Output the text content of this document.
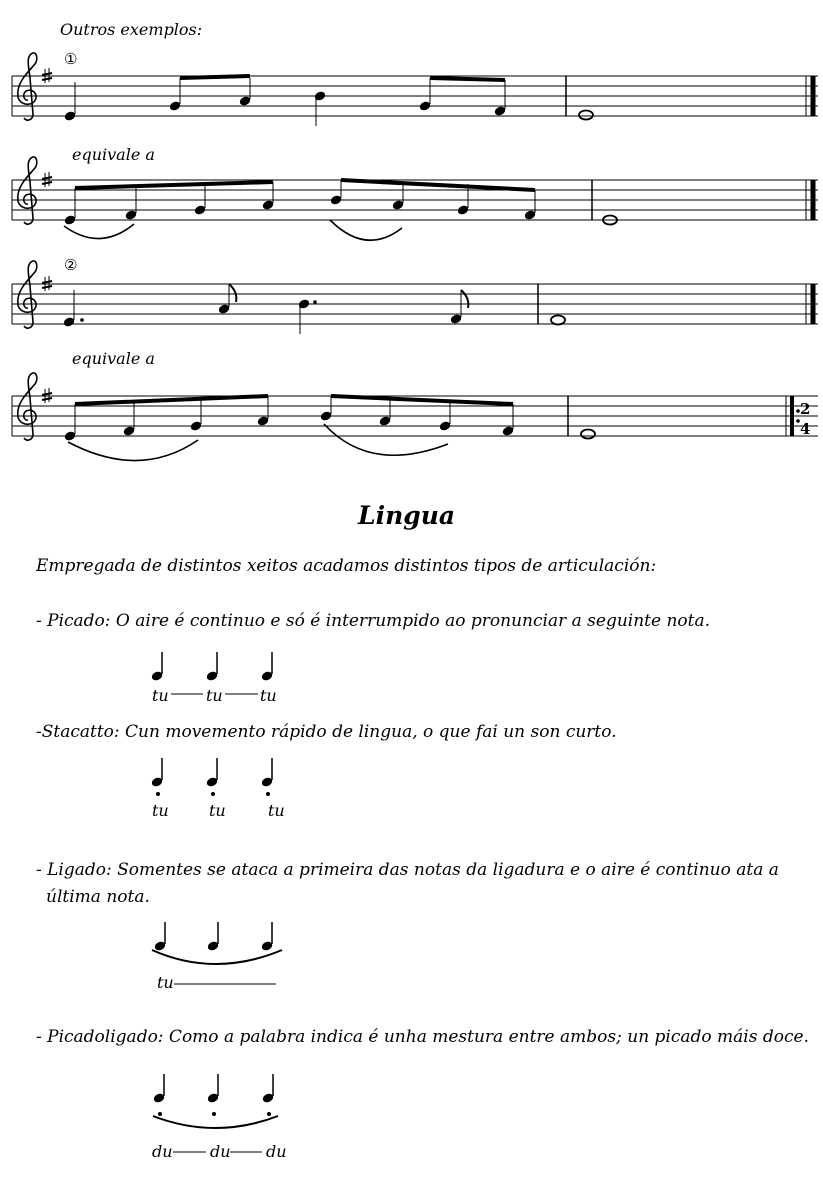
Outros exemplos:
equivale a
equivale a
Lingua
Empregada de distintos xeitos acadamos distintos tipos de articulación:
- Picado: O aire é continuo e só é interrumpido ao pronunciar a seguinte nota.
-Stacatto: Cun movemento rápido de lingua, o que fai un son curto.
- Ligado: Somentes se ataca a primeira das notas da ligadura e o aire é continuo ata a
última nota.
- Picadoligado: Como a palabra indica é unha mestura entre ambos; un picado máis doce.
tu tu tu
tu	tu	tu
tu
du du du
①
②
2
4
